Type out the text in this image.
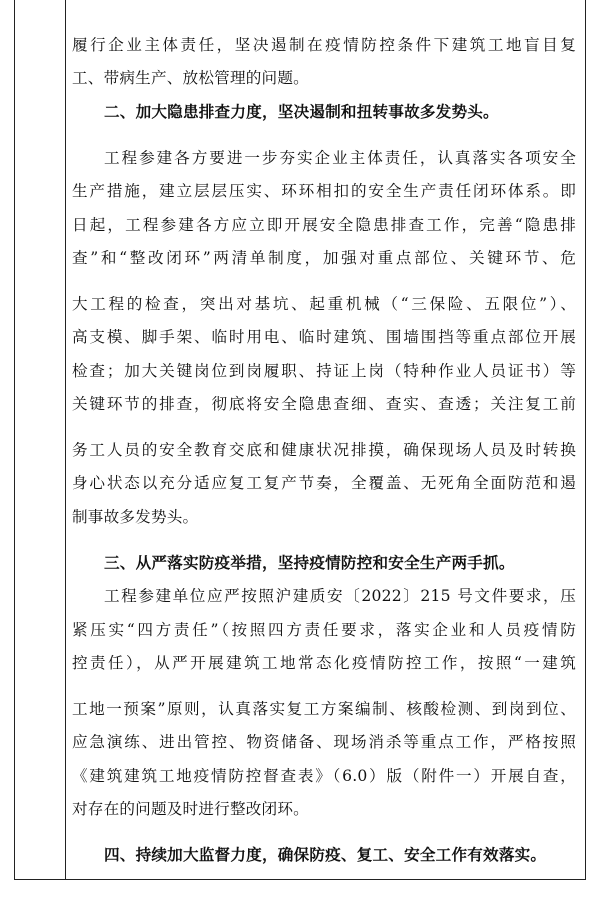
履行企业主体责任，坚决遏制在疫情防控条件下建筑工地盲目复
工、带病生产、放松管理的问题。
二、加大隐患排查力度，坚决遏制和扭转事故多发势头。
工程参建各方要进一步夯实企业主体责任，认真落实各项安全
生产措施，建立层层压实、环环相扣的安全生产责任闭环体系。即
日起，工程参建各方应立即开展安全隐患排查工作，完善“隐患排
查”和“整改闭环”两清单制度，加强对重点部位、关键环节、危
大工程的检查，突出对基坑、起重机械（“三保险、五限位”）、
高支模、脚手架、临时用电、临时建筑、围墙围挡等重点部位开展
检查；加大关键岗位到岗履职、持证上岗（特种作业人员证书）等
关键环节的排查，彻底将安全隐患查细、查实、查透；关注复工前
务工人员的安全教育交底和健康状况排摸，确保现场人员及时转换
身心状态以充分适应复工复产节奏，全覆盖、无死角全面防范和遏
制事故多发势头。
三、从严落实防疫举措，坚持疫情防控和安全生产两手抓。
工程参建单位应严按照沪建质安〔2022〕215 号文件要求，压
紧压实“四方责任”（按照四方责任要求，落实企业和人员疫情防
控责任），从严开展建筑工地常态化疫情防控工作，按照“一建筑
工地一预案”原则，认真落实复工方案编制、核酸检测、到岗到位、
应急演练、进出管控、物资储备、现场消杀等重点工作，严格按照
《建筑建筑工地疫情防控督查表》（6.0）版（附件一）开展自查，
对存在的问题及时进行整改闭环。
四、持续加大监督力度，确保防疫、复工、安全工作有效落实。
